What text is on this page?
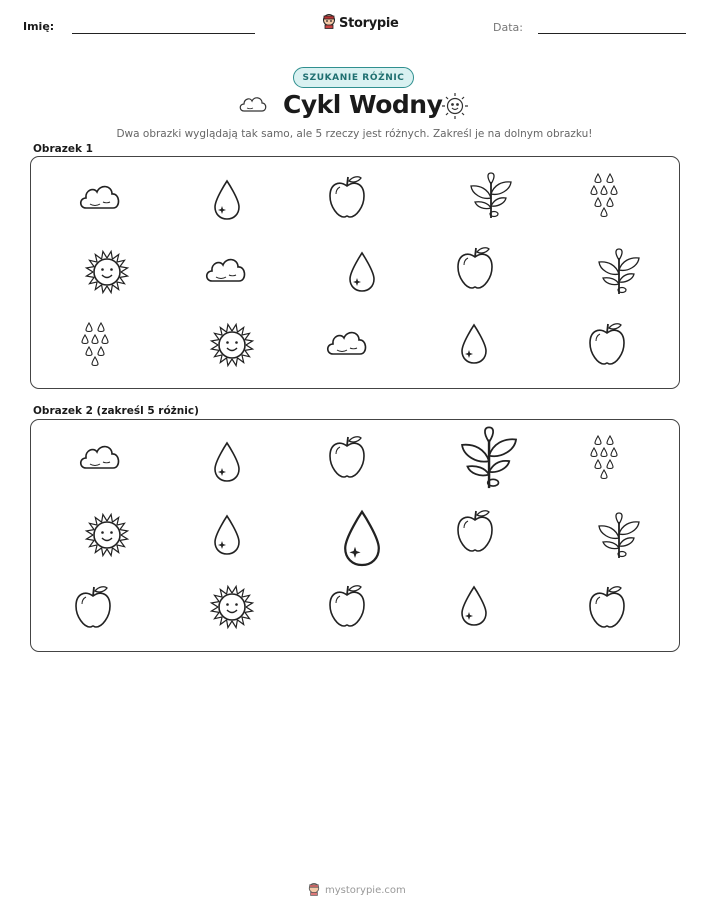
Imię:	Storypie	Data:
SZUKANIE RÓŻNIC
Cykl Wodny
Dwa obrazki wyglądają tak samo, ale 5 rzeczy jest różnych. Zakreśl je na dolnym obrazku!
Obrazek 1
Obrazek 2 (zakreśl 5 różnic)
mystorypie.com
